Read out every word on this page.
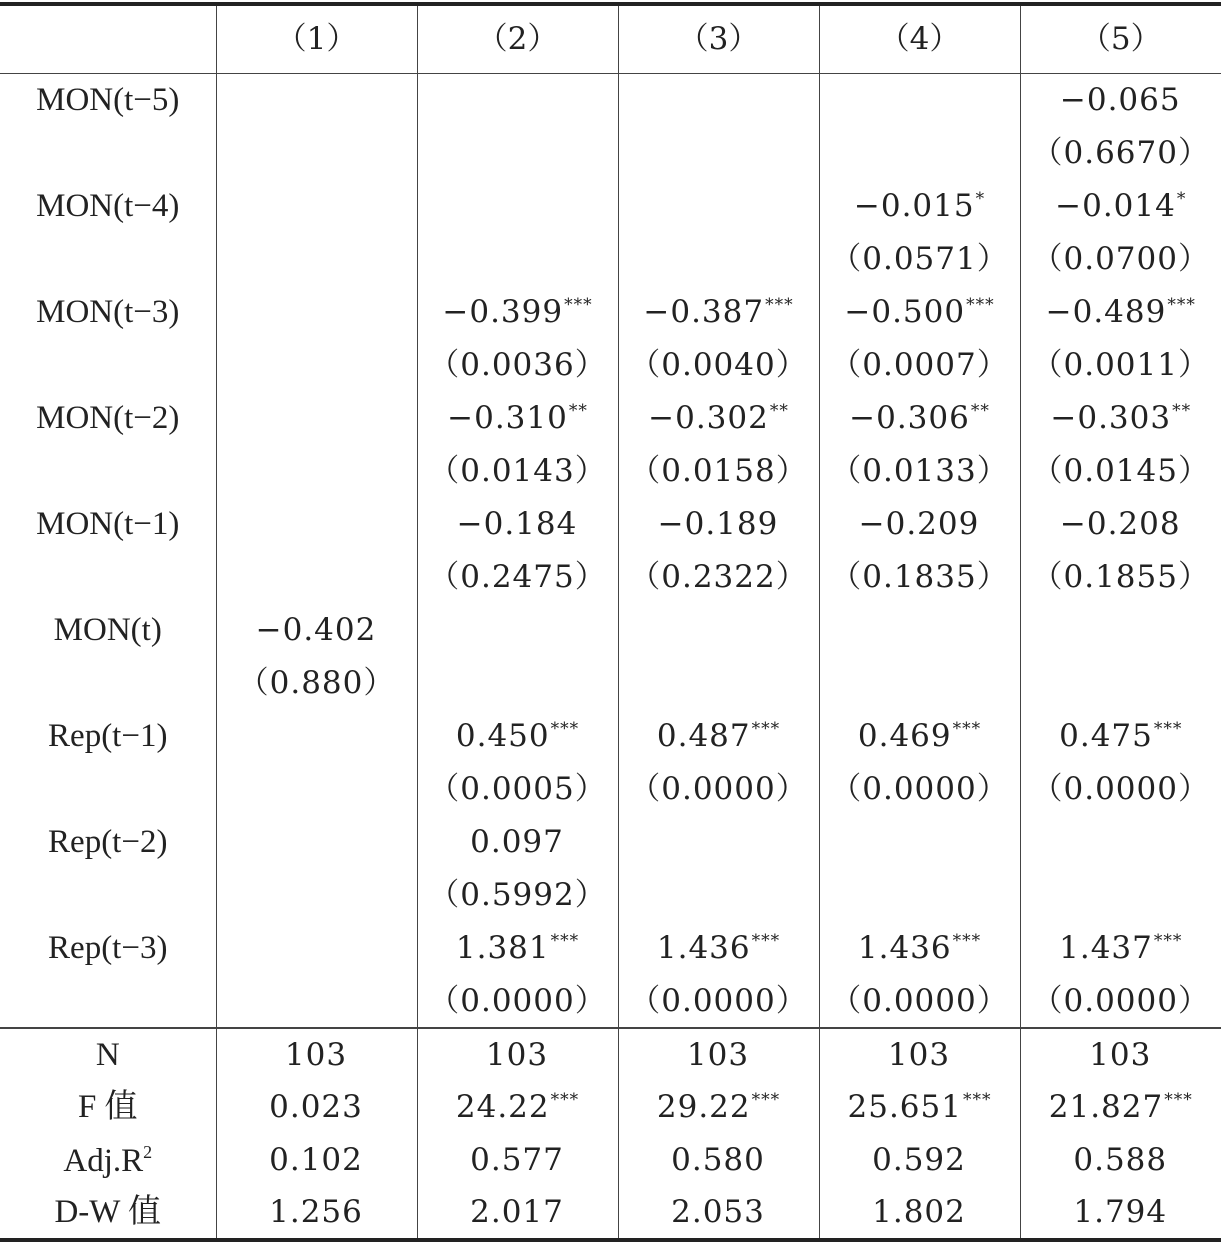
	（1）	（2）	（3）	（4）	（5）
MON(t−5)					−0.065
					（0.6670）
MON(t−4)				−0.015*	−0.014*
				（0.0571）	（0.0700）
MON(t−3)		−0.399***	−0.387***	−0.500***	−0.489***
		（0.0036）	（0.0040）	（0.0007）	（0.0011）
MON(t−2)		−0.310**	−0.302**	−0.306**	−0.303**
		（0.0143）	（0.0158）	（0.0133）	（0.0145）
MON(t−1)		−0.184	−0.189	−0.209	−0.208
		（0.2475）	（0.2322）	（0.1835）	（0.1855）
MON(t)	−0.402				
	（0.880）				
Rep(t−1)		0.450***	0.487***	0.469***	0.475***
		（0.0005）	（0.0000）	（0.0000）	（0.0000）
Rep(t−2)		0.097			
		（0.5992）			
Rep(t−3)		1.381***	1.436***	1.436***	1.437***
		（0.0000）	（0.0000）	（0.0000）	（0.0000）
N	103	103	103	103	103
F 值	0.023	24.22***	29.22***	25.651***	21.827***
$Adj.R^2$	0.102	0.577	0.580	0.592	0.588
D-W 值	1.256	2.017	2.053	1.802	1.794
